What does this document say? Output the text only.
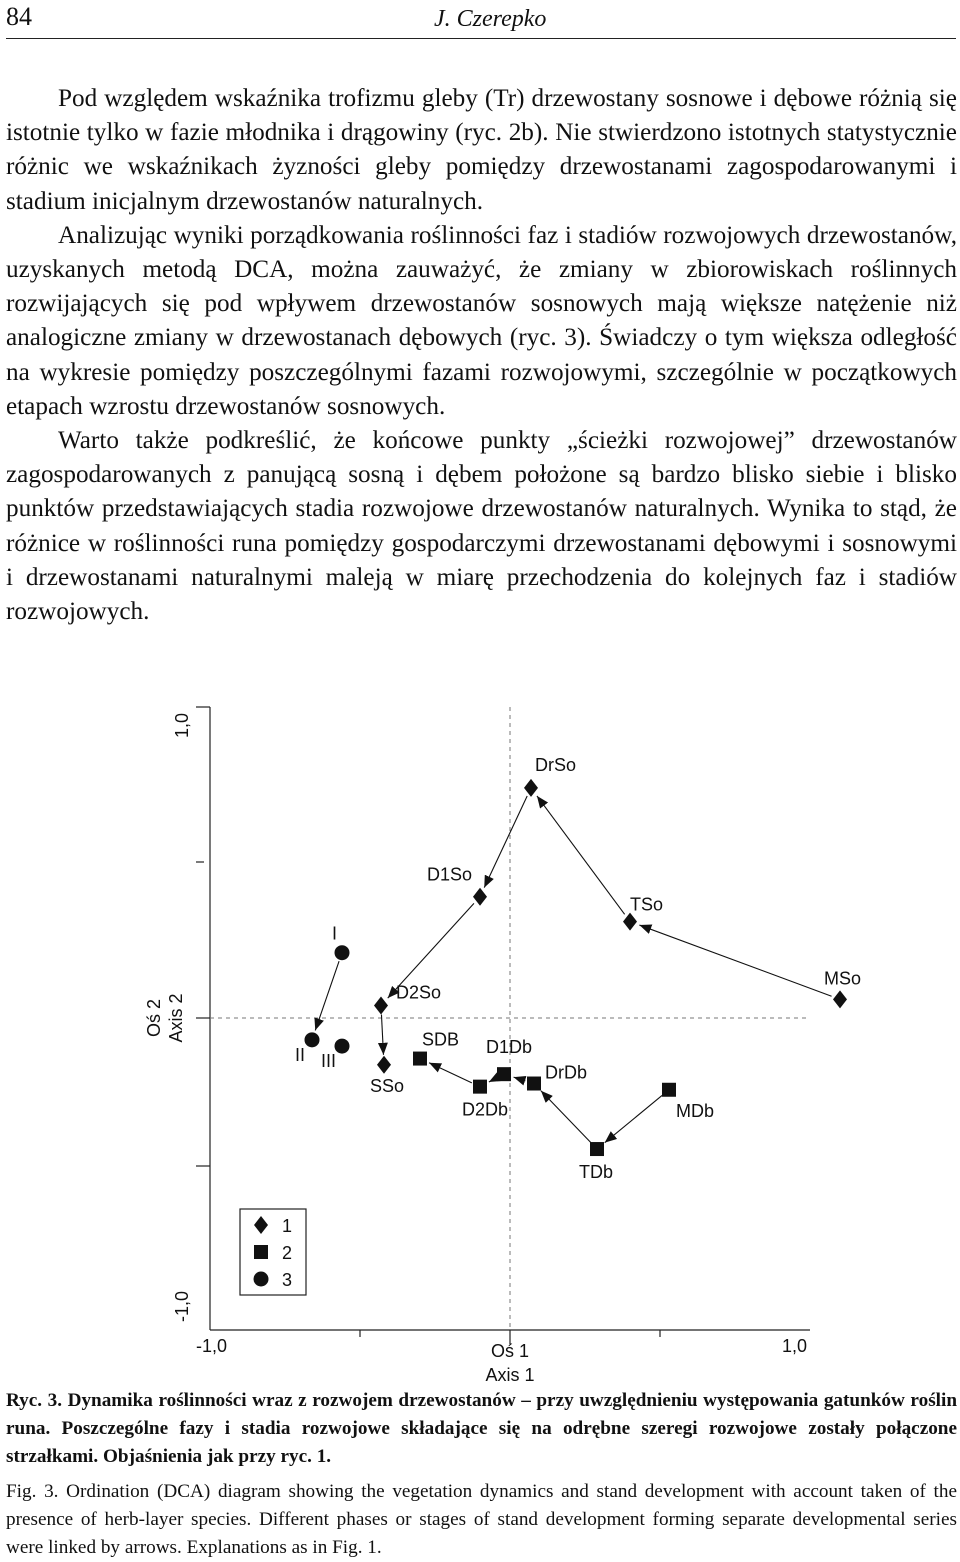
84	J. Czerepko

Pod względem wskaźnika trofizmu gleby (Tr) drzewostany sosnowe i dębowe różnią się istotnie tylko w fazie młodnika i drągowiny (ryc. 2b). Nie stwierdzono istotnych statystycznie różnic we wskaźnikach żyzności gleby pomiędzy drzewostanami zagospodarowanymi i stadium inicjalnym drzewostanów naturalnych.

Analizując wyniki porządkowania roślinności faz i stadiów rozwojowych drzewostanów, uzyskanych metodą DCA, można zauważyć, że zmiany w zbiorowiskach roślinnych rozwijających się pod wpływem drzewostanów sosnowych mają większe natężenie niż analogiczne zmiany w drzewostanach dębowych (ryc. 3). Świadczy o tym większa odległość na wykresie pomiędzy poszczególnymi fazami rozwojowymi, szczególnie w początkowych etapach wzrostu drzewostanów sosnowych.

Warto także podkreślić, że końcowe punkty „ścieżki rozwojowej” drzewostanów zagospodarowanych z panującą sosną i dębem położone są bardzo blisko siebie i blisko punktów przedstawiających stadia rozwojowe drzewostanów naturalnych. Wynika to stąd, że różnice w roślinności runa pomiędzy gospodarczymi drzewostanami dębowymi i sosnowymi i drzewostanami naturalnymi maleją w miarę przechodzenia do kolejnych faz i stadiów rozwojowych.

-1,0	1,0
1,0
-1,0
Oś 1
Axis 1
Oś 2 Axis 2
DrSo
D1So
TSo
MSo
D2So
SSo
SDB D1Db
DrDb
D2Db	MDb
TDb
I
II III
1
2
3
Ryc. 3. Dynamika roślinności wraz z rozwojem drzewostanów – przy uwzględnieniu występowania gatunków roślin runa. Poszczególne fazy i stadia rozwojowe składające się na odrębne szeregi rozwojowe zostały połączone strzałkami. Objaśnienia jak przy ryc. 1.
Fig. 3. Ordination (DCA) diagram showing the vegetation dynamics and stand development with account taken of the presence of herb-layer species. Different phases or stages of stand development forming separate developmental series were linked by arrows. Explanations as in Fig. 1.
